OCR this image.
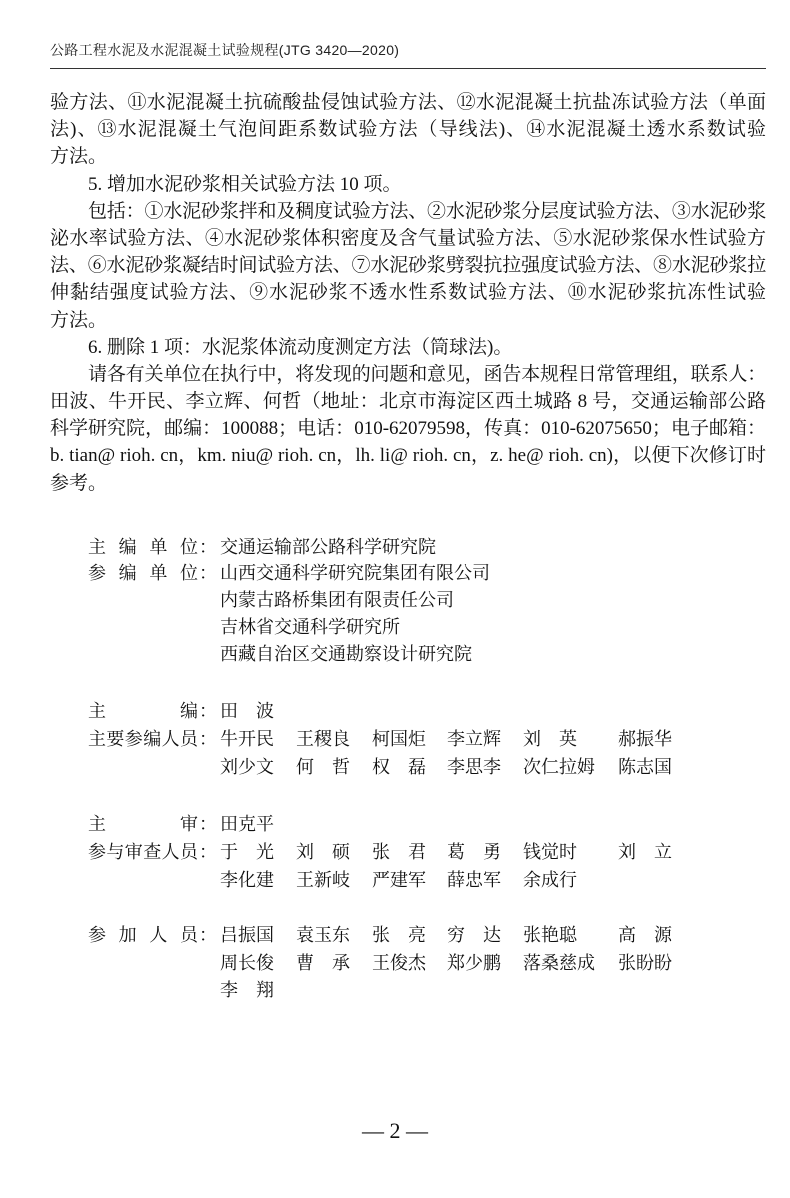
公路工程水泥及水泥混凝土试验规程(JTG 3420—2020)
验方法、⑪水泥混凝土抗硫酸盐侵蚀试验方法、⑫水泥混凝土抗盐冻试验方法（单面
法)、⑬水泥混凝土气泡间距系数试验方法（导线法)、⑭水泥混凝土透水系数试验
方法。
5. 增加水泥砂浆相关试验方法 10 项。
包括：①水泥砂浆拌和及稠度试验方法、②水泥砂浆分层度试验方法、③水泥砂浆
泌水率试验方法、④水泥砂浆体积密度及含气量试验方法、⑤水泥砂浆保水性试验方
法、⑥水泥砂浆凝结时间试验方法、⑦水泥砂浆劈裂抗拉强度试验方法、⑧水泥砂浆拉
伸黏结强度试验方法、⑨水泥砂浆不透水性系数试验方法、⑩水泥砂浆抗冻性试验
方法。
6. 删除 1 项：水泥浆体流动度测定方法（筒球法)。
请各有关单位在执行中，将发现的问题和意见，函告本规程日常管理组，联系人：
田波、牛开民、李立辉、何哲（地址：北京市海淀区西土城路 8 号，交通运输部公路
科学研究院，邮编：100088；电话：010-62079598，传真：010-62075650；电子邮箱：
b. tian@ rioh. cn，km. niu@ rioh. cn，lh. li@ rioh. cn，z. he@ rioh. cn)，以便下次修订时
参考。
主编单位 ： 交通运输部公路科学研究院
参编单位 ： 山西交通科学研究院集团有限公司
内蒙古路桥集团有限责任公司
吉林省交通科学研究所
西藏自治区交通勘察设计研究院
主编 ： 田　波
主要参编人员 ： 牛开民 王稷良 柯国炬 李立辉 刘　英 郝振华
刘少文 何　哲 权　磊 李思李 次仁拉姆 陈志国
主审 ： 田克平
参与审查人员 ： 于　光 刘　硕 张　君 葛　勇 钱觉时 刘　立
李化建 王新岐 严建军 薛忠军 余成行
参加人员 ： 吕振国 袁玉东 张　亮 穷　达 张艳聪 高　源
周长俊 曹　承 王俊杰 郑少鹏 落桑慈成 张盼盼
李　翔
— 2 —
